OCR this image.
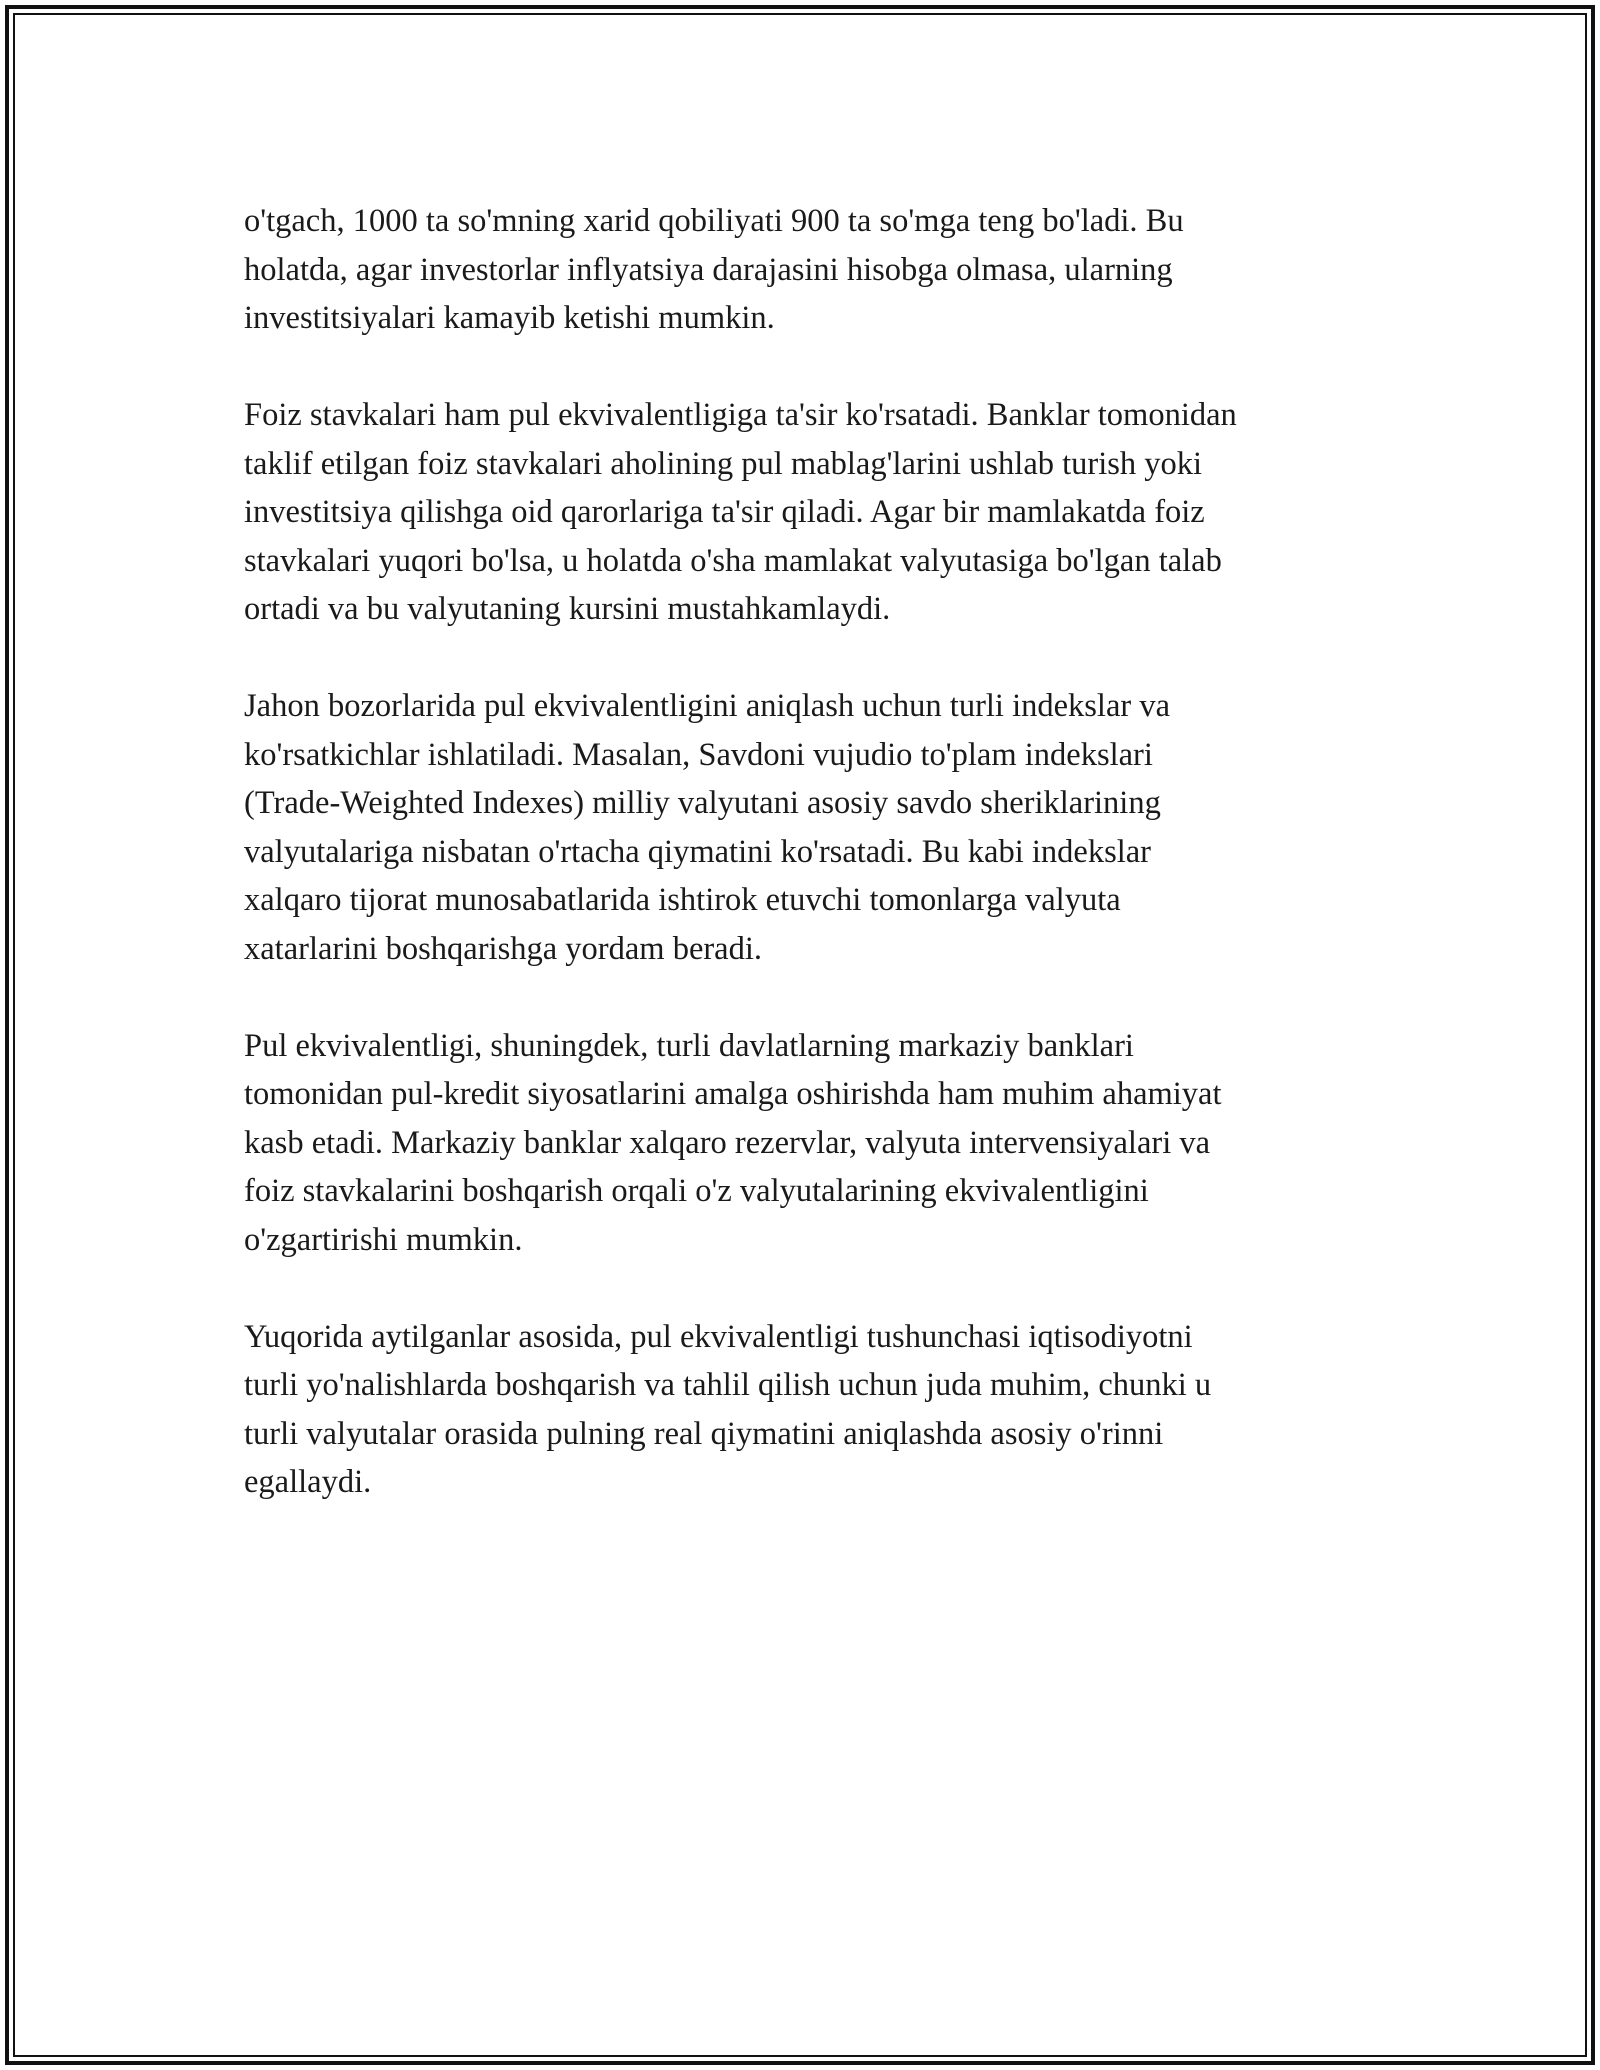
o'tgach, 1000 ta so'mning xarid qobiliyati 900 ta so'mga teng bo'ladi. Bu
holatda, agar investorlar inflyatsiya darajasini hisobga olmasa, ularning
investitsiyalari kamayib ketishi mumkin.

Foiz stavkalari ham pul ekvivalentligiga ta'sir ko'rsatadi. Banklar tomonidan
taklif etilgan foiz stavkalari aholining pul mablag'larini ushlab turish yoki
investitsiya qilishga oid qarorlariga ta'sir qiladi. Agar bir mamlakatda foiz
stavkalari yuqori bo'lsa, u holatda o'sha mamlakat valyutasiga bo'lgan talab
ortadi va bu valyutaning kursini mustahkamlaydi.

Jahon bozorlarida pul ekvivalentligini aniqlash uchun turli indekslar va
ko'rsatkichlar ishlatiladi. Masalan, Savdoni vujudio to'plam indekslari
(Trade-Weighted Indexes) milliy valyutani asosiy savdo sheriklarining
valyutalariga nisbatan o'rtacha qiymatini ko'rsatadi. Bu kabi indekslar
xalqaro tijorat munosabatlarida ishtirok etuvchi tomonlarga valyuta
xatarlarini boshqarishga yordam beradi.

Pul ekvivalentligi, shuningdek, turli davlatlarning markaziy banklari
tomonidan pul-kredit siyosatlarini amalga oshirishda ham muhim ahamiyat
kasb etadi. Markaziy banklar xalqaro rezervlar, valyuta intervensiyalari va
foiz stavkalarini boshqarish orqali o'z valyutalarining ekvivalentligini
o'zgartirishi mumkin.

Yuqorida aytilganlar asosida, pul ekvivalentligi tushunchasi iqtisodiyotni
turli yo'nalishlarda boshqarish va tahlil qilish uchun juda muhim, chunki u
turli valyutalar orasida pulning real qiymatini aniqlashda asosiy o'rinni
egallaydi.
